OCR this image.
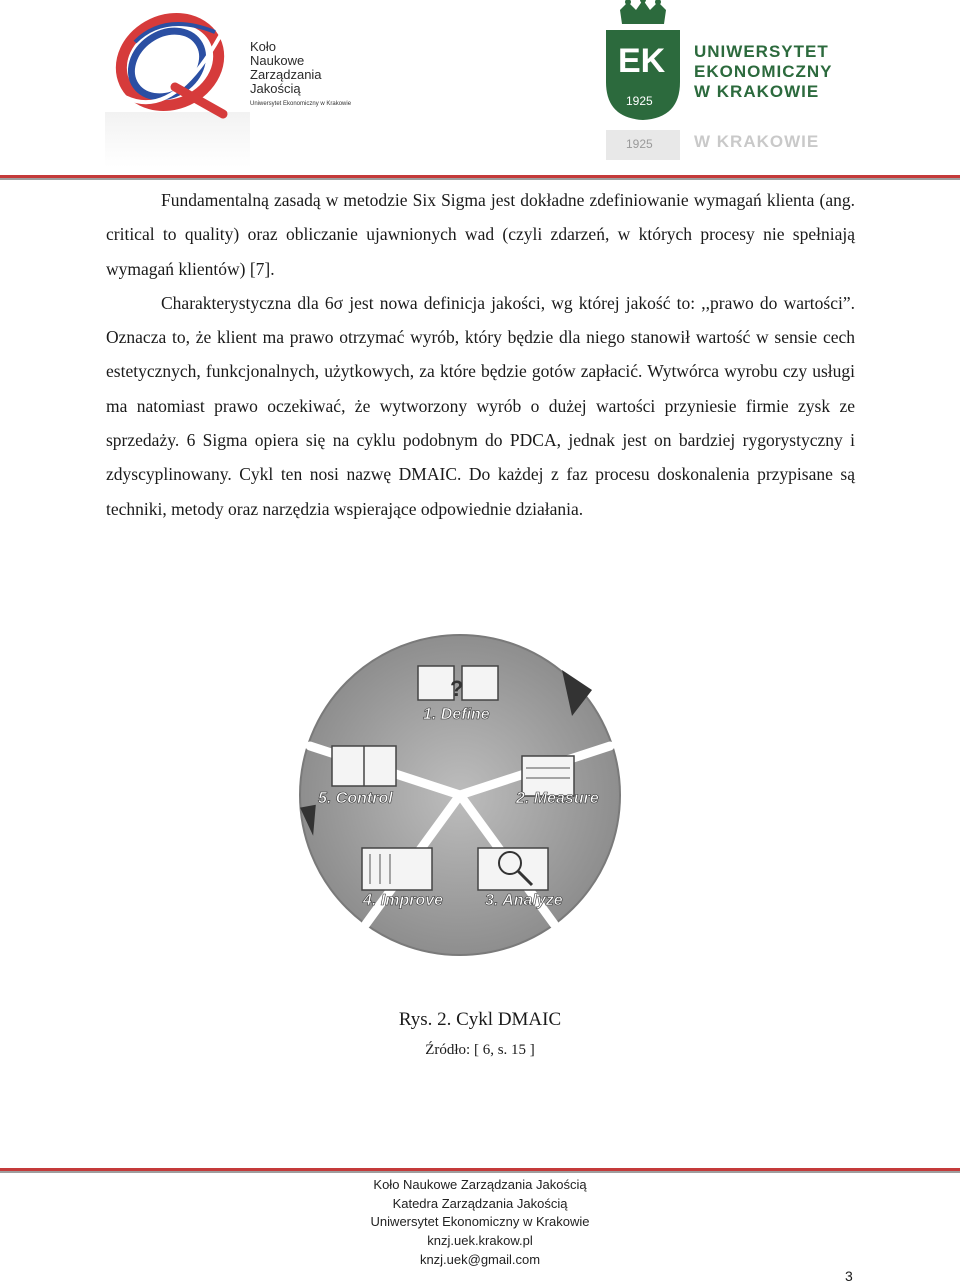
Koło
Naukowe
Zarządzania
Jakością
Uniwersytet Ekonomiczny w Krakowie
EK
1925
1925
UNIWERSYTET
EKONOMICZNY
W KRAKOWIE
W KRAKOWIE

Fundamentalną zasadą w metodzie Six Sigma jest dokładne zdefiniowanie wymagań klienta (ang. critical to quality) oraz obliczanie ujawnionych wad (czyli zdarzeń, w których procesy nie spełniają wymagań klientów) [7].

Charakterystyczna dla 6σ jest nowa definicja jakości, wg której jakość to: ,,prawo do wartości”. Oznacza to, że klient ma prawo otrzymać wyrób, który będzie dla niego stanowił wartość w sensie cech estetycznych, funkcjonalnych, użytkowych, za które będzie gotów zapłacić. Wytwórca wyrobu czy usługi ma natomiast prawo oczekiwać, że wytworzony wyrób o dużej wartości przyniesie firmie zysk ze sprzedaży. 6 Sigma opiera się na cyklu podobnym do PDCA, jednak jest on bardziej rygorystyczny i zdyscyplinowany. Cykl ten nosi nazwę DMAIC. Do każdej z faz procesu doskonalenia przypisane są techniki, metody oraz narzędzia wspierające odpowiednie działania.

?
1. Define
2. Measure
3. Analyze
4. Improve
5. Control
Rys. 2. Cykl DMAIC
Źródło: [ 6, s. 15 ]
Koło Naukowe Zarządzania Jakością
Katedra Zarządzania Jakością
Uniwersytet Ekonomiczny w Krakowie
knzj.uek.krakow.pl
knzj.uek@gmail.com
3
